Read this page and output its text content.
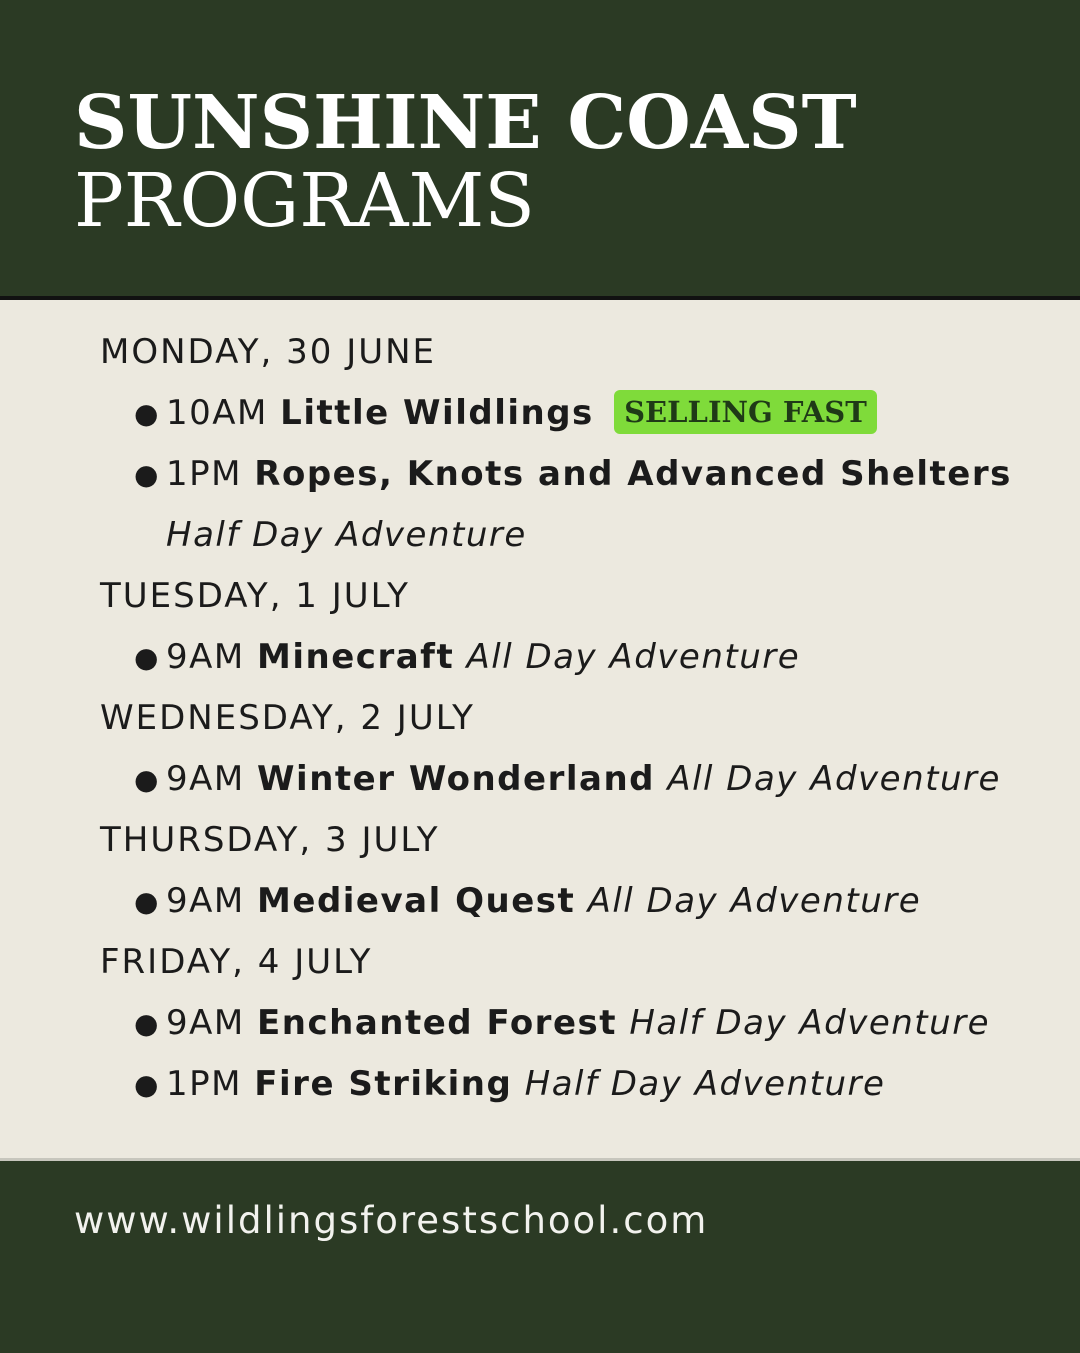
SUNSHINE COAST
PROGRAMS
MONDAY, 30 JUNE
● 10AM Little Wildlings SELLING FAST
● 1PM Ropes, Knots and Advanced Shelters Half Day Adventure
TUESDAY, 1 JULY
● 9AM Minecraft All Day Adventure
WEDNESDAY, 2 JULY
● 9AM Winter Wonderland All Day Adventure
THURSDAY, 3 JULY
● 9AM Medieval Quest All Day Adventure
FRIDAY, 4 JULY
● 9AM Enchanted Forest Half Day Adventure
● 1PM Fire Striking Half Day Adventure

www.wildlingsforestschool.com
